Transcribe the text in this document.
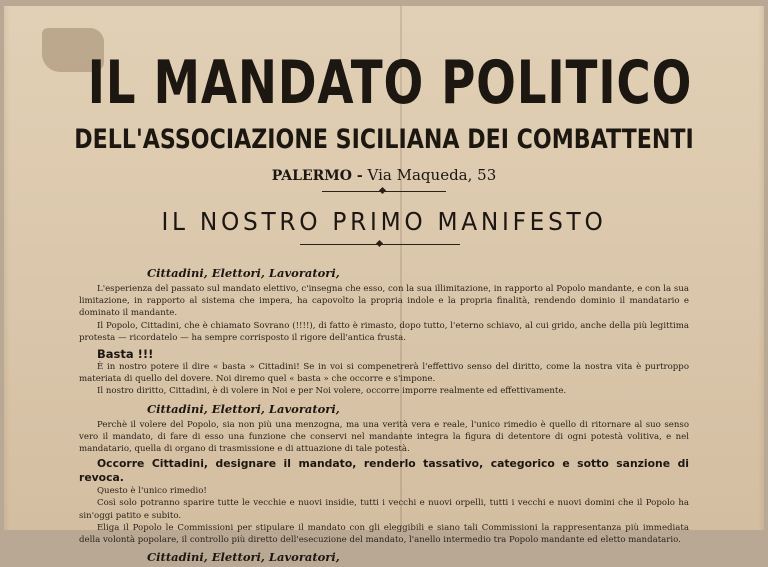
IL MANDATO POLITICO
DELL'ASSOCIAZIONE SICILIANA DEI COMBATTENTI
PALERMO - Via Maqueda, 53
IL NOSTRO PRIMO MANIFESTO

Cittadini, Elettori, Lavoratori,

L'esperienza del passato sul mandato elettivo, c'insegna che esso, con la sua illimitazione, in rapporto al Popolo mandante, e con la sua limitazione, in rapporto al sistema che impera, ha capovolto la propria indole e la propria finalità, rendendo dominio il mandatario e dominato il mandante.

Il Popolo, Cittadini, che è chiamato Sovrano (!!!!), di fatto è rimasto, dopo tutto, l'eterno schiavo, al cui grido, anche della più legittima protesta — ricordatelo — ha sempre corrisposto il rigore dell'antica frusta.

Basta !!!

È in nostro potere il dire « basta » Cittadini! Se in voi si compenetrerà l'effettivo senso del diritto, come la nostra vita è purtroppo materiata di quello del dovere. Noi diremo quel « basta » che occorre e s'impone.

Il nostro diritto, Cittadini, è di volere in Noi e per Noi volere, occorre imporre realmente ed effettivamente.

Cittadini, Elettori, Lavoratori,

Perchè il volere del Popolo, sia non più una menzogna, ma una verità vera e reale, l'unico rimedio è quello di ritornare al suo senso vero il mandato, di fare di esso una funzione che conservi nel mandante integra la figura di detentore di ogni potestà volitiva, e nel mandatario, quella di organo di trasmissione e di attuazione di tale potestà.

Occorre Cittadini, designare il mandato, renderlo tassativo, categorico e sotto sanzione di revoca.

Questo è l'unico rimedio!

Così solo potranno sparire tutte le vecchie e nuovi insidie, tutti i vecchi e nuovi orpelli, tutti i vecchi e nuovi domini che il Popolo ha sin'oggi patito e subito.

Eliga il Popolo le Commissioni per stipulare il mandato con gli eleggibili e siano tali Commissioni la rappresentanza più immediata della volontà popolare, il controllo più diretto dell'esecuzione del mandato, l'anello intermedio tra Popolo mandante ed eletto mandatario.

Cittadini, Elettori, Lavoratori,
